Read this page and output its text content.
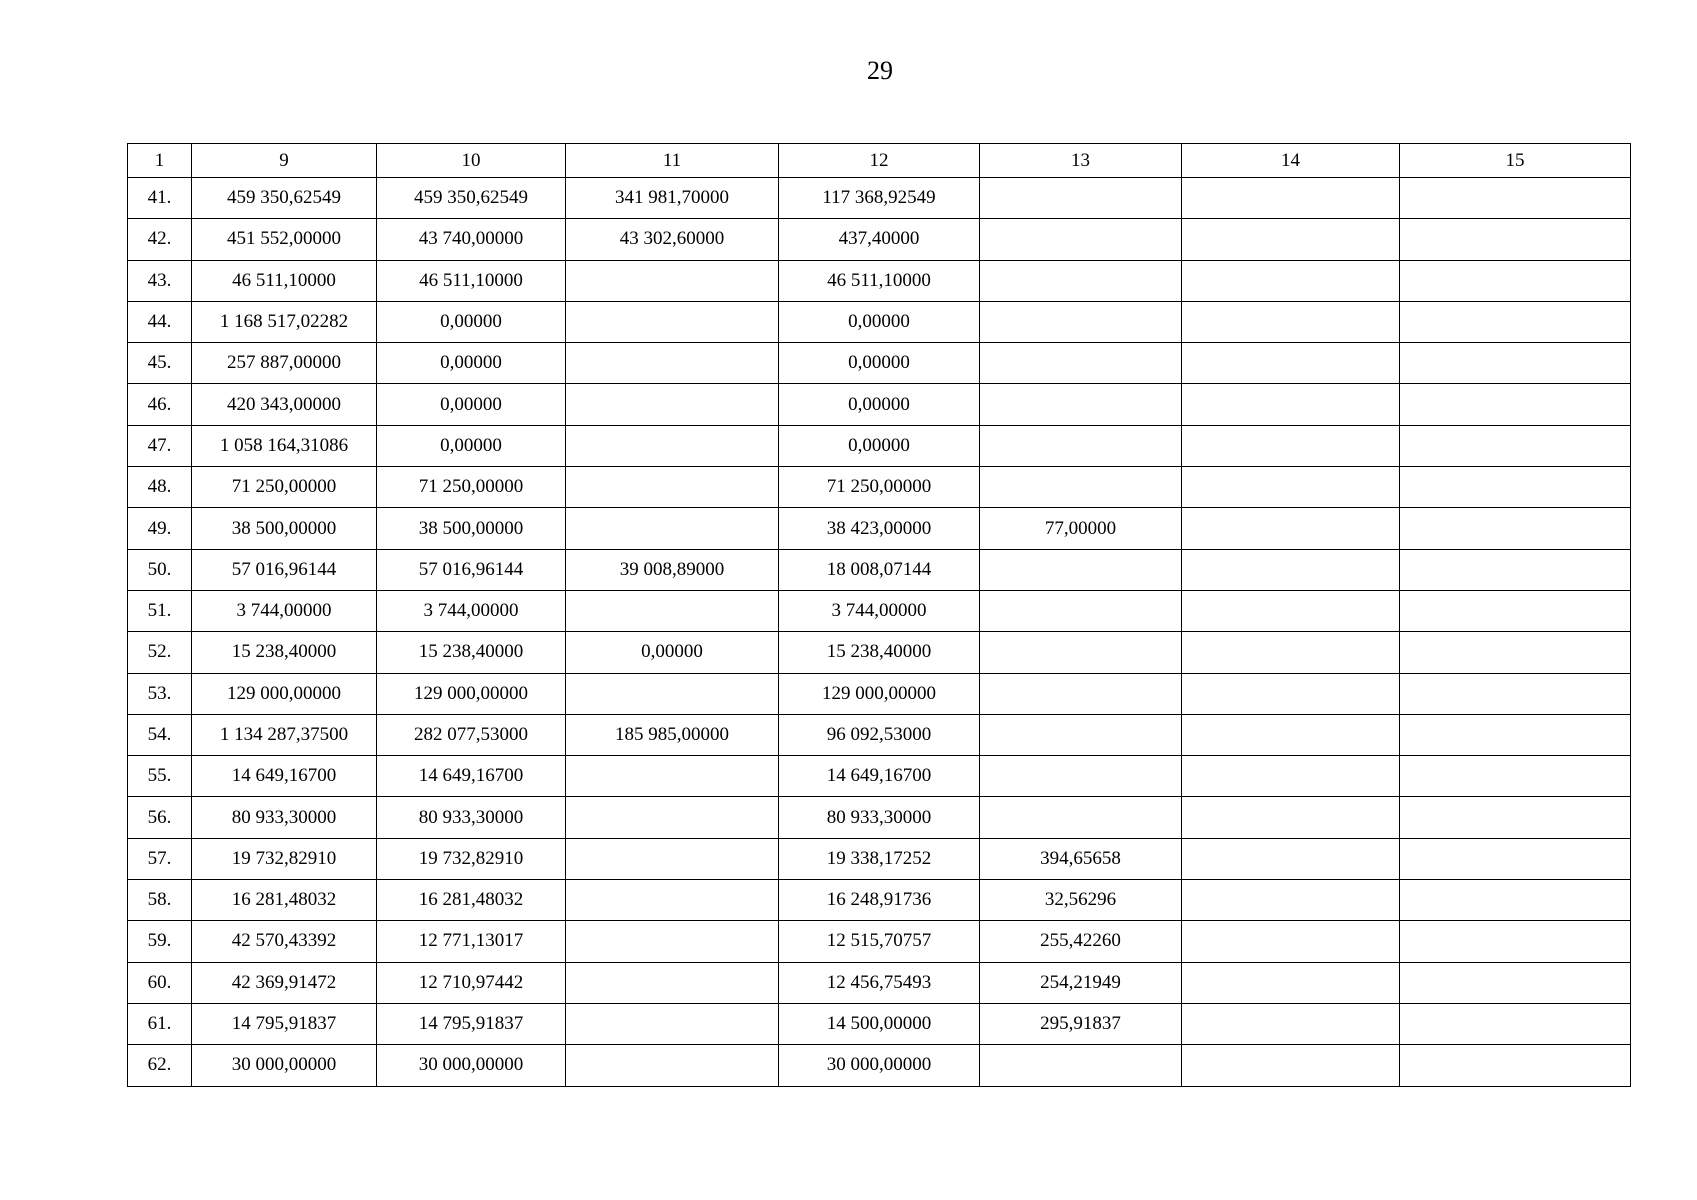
29
1	9	10	11	12	13	14	15
41.	459 350,62549	459 350,62549	341 981,70000	117 368,92549			
42.	451 552,00000	43 740,00000	43 302,60000	437,40000			
43.	46 511,10000	46 511,10000		46 511,10000			
44.	1 168 517,02282	0,00000		0,00000			
45.	257 887,00000	0,00000		0,00000			
46.	420 343,00000	0,00000		0,00000			
47.	1 058 164,31086	0,00000		0,00000			
48.	71 250,00000	71 250,00000		71 250,00000			
49.	38 500,00000	38 500,00000		38 423,00000	77,00000		
50.	57 016,96144	57 016,96144	39 008,89000	18 008,07144			
51.	3 744,00000	3 744,00000		3 744,00000			
52.	15 238,40000	15 238,40000	0,00000	15 238,40000			
53.	129 000,00000	129 000,00000		129 000,00000			
54.	1 134 287,37500	282 077,53000	185 985,00000	96 092,53000			
55.	14 649,16700	14 649,16700		14 649,16700			
56.	80 933,30000	80 933,30000		80 933,30000			
57.	19 732,82910	19 732,82910		19 338,17252	394,65658		
58.	16 281,48032	16 281,48032		16 248,91736	32,56296		
59.	42 570,43392	12 771,13017		12 515,70757	255,42260		
60.	42 369,91472	12 710,97442		12 456,75493	254,21949		
61.	14 795,91837	14 795,91837		14 500,00000	295,91837		
62.	30 000,00000	30 000,00000		30 000,00000			
